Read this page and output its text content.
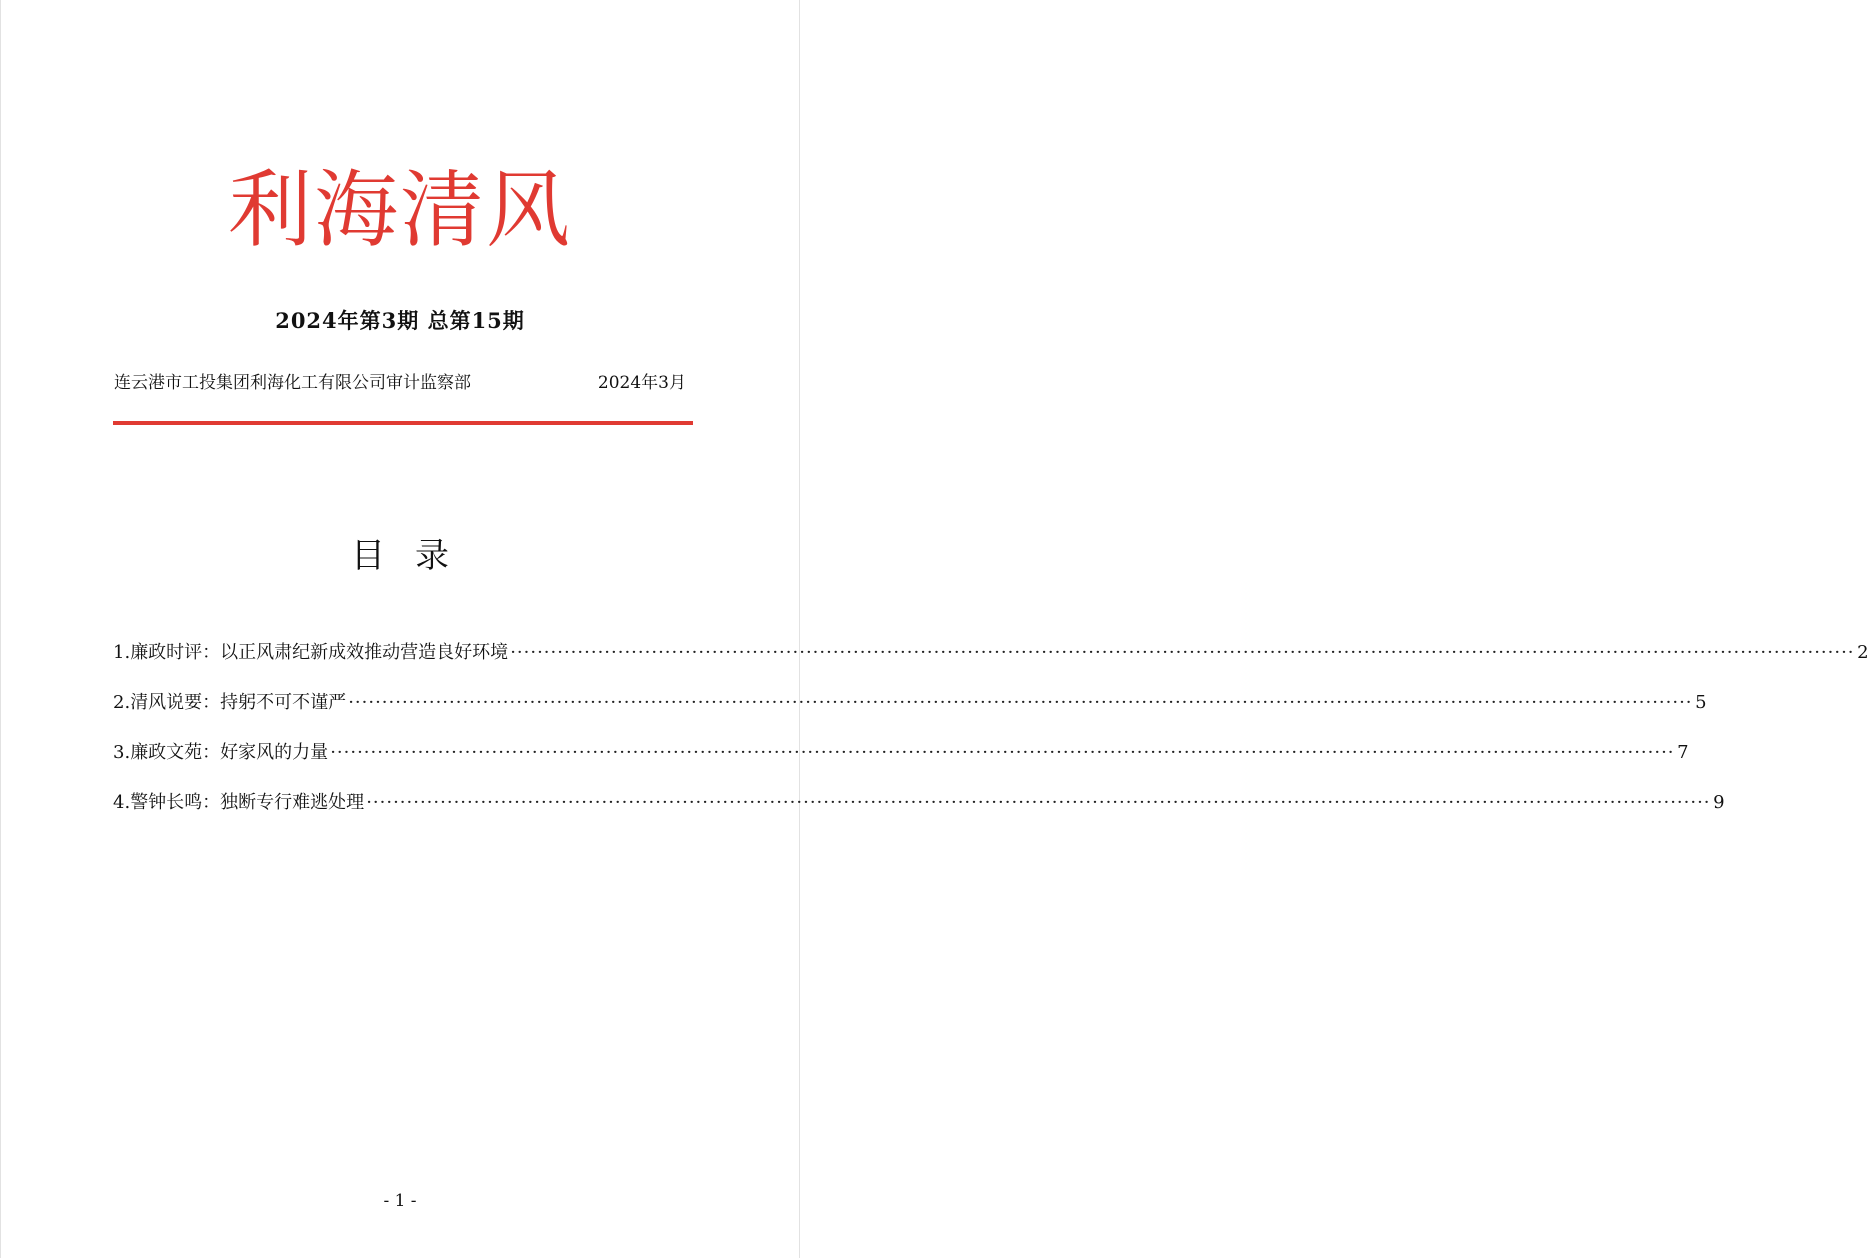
利海清风
2024年第3期 总第15期
连云港市工投集团利海化工有限公司审计监察部	2024年3月
目录
1. 廉政时评：以正风肃纪新成效推动营造良好环境 ········································································································································································································ 2
2. 清风说要：持躬不可不谨严 ········································································································································································································ 5
3. 廉政文苑：好家风的力量 ········································································································································································································ 7
4. 警钟长鸣：独断专行难逃处理 ········································································································································································································ 9
- 1 -
